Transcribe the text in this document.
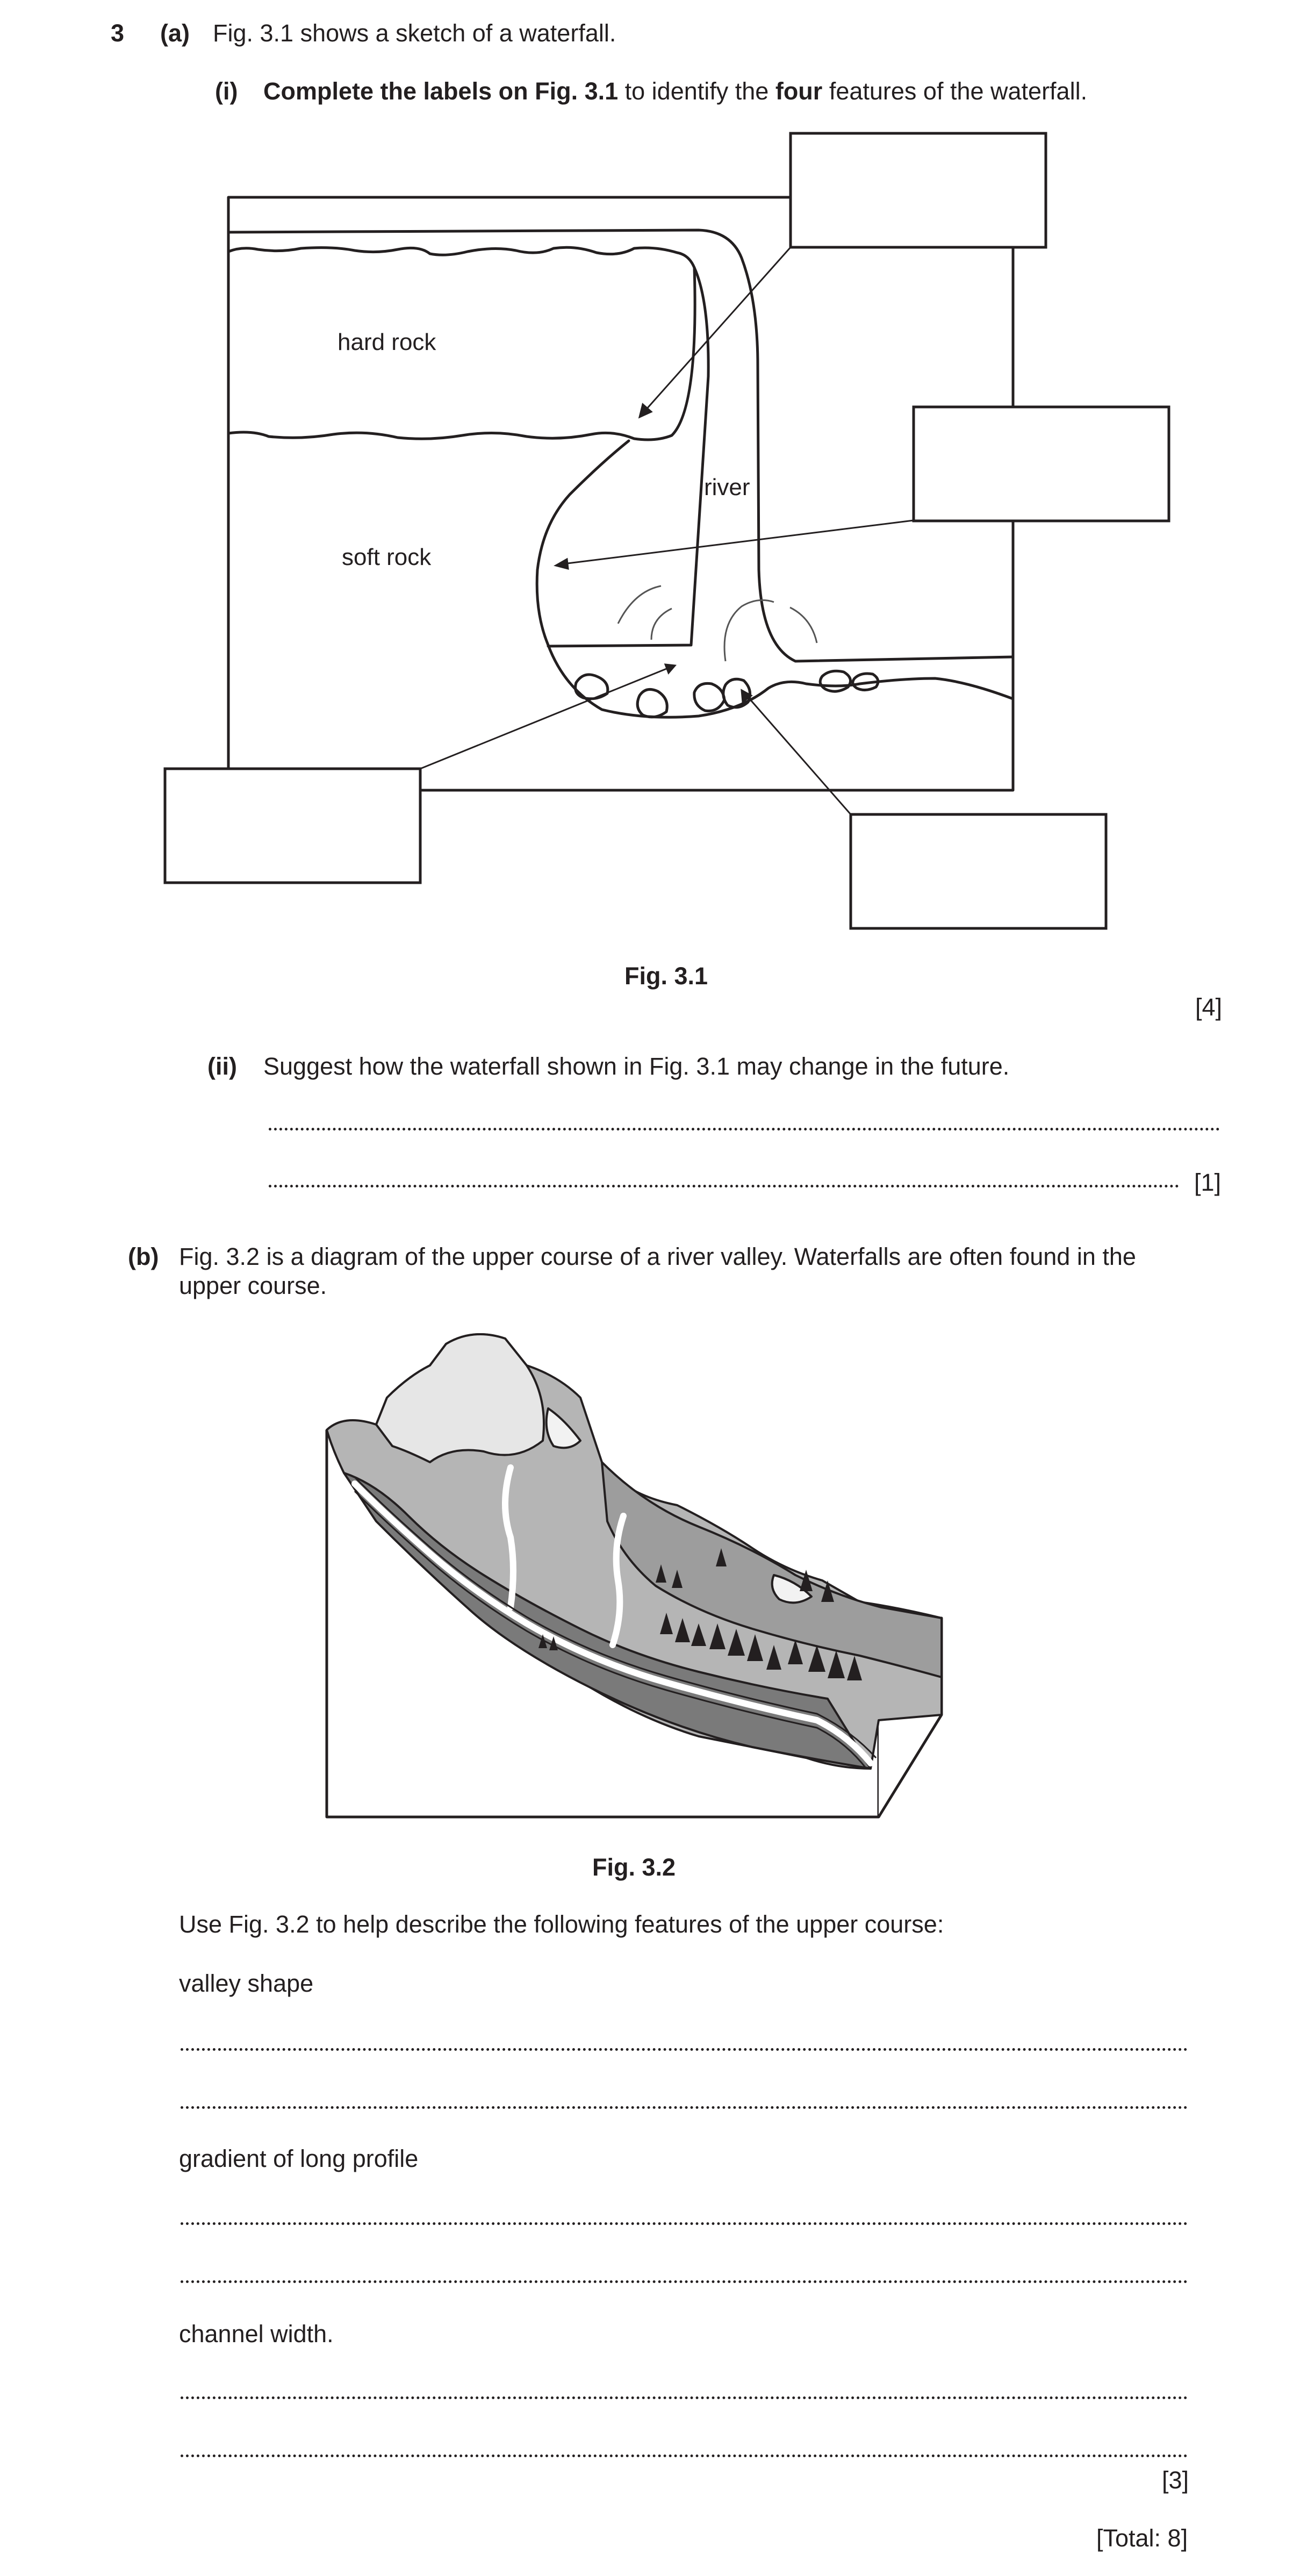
3 (a) Fig. 3.1 shows a sketch of a waterfall.
(i) Complete the labels on Fig. 3.1 to identify the four features of the waterfall.
hard rock
soft rock
river
Fig. 3.1
[4]
(ii) Suggest how the waterfall shown in Fig. 3.1 may change in the future.
[1]
(b) Fig. 3.2 is a diagram of the upper course of a river valley. Waterfalls are often found in the
upper course.
Fig. 3.2
Use Fig. 3.2 to help describe the following features of the upper course:
valley shape
gradient of long profile
channel width.
[3]
[Total: 8]
